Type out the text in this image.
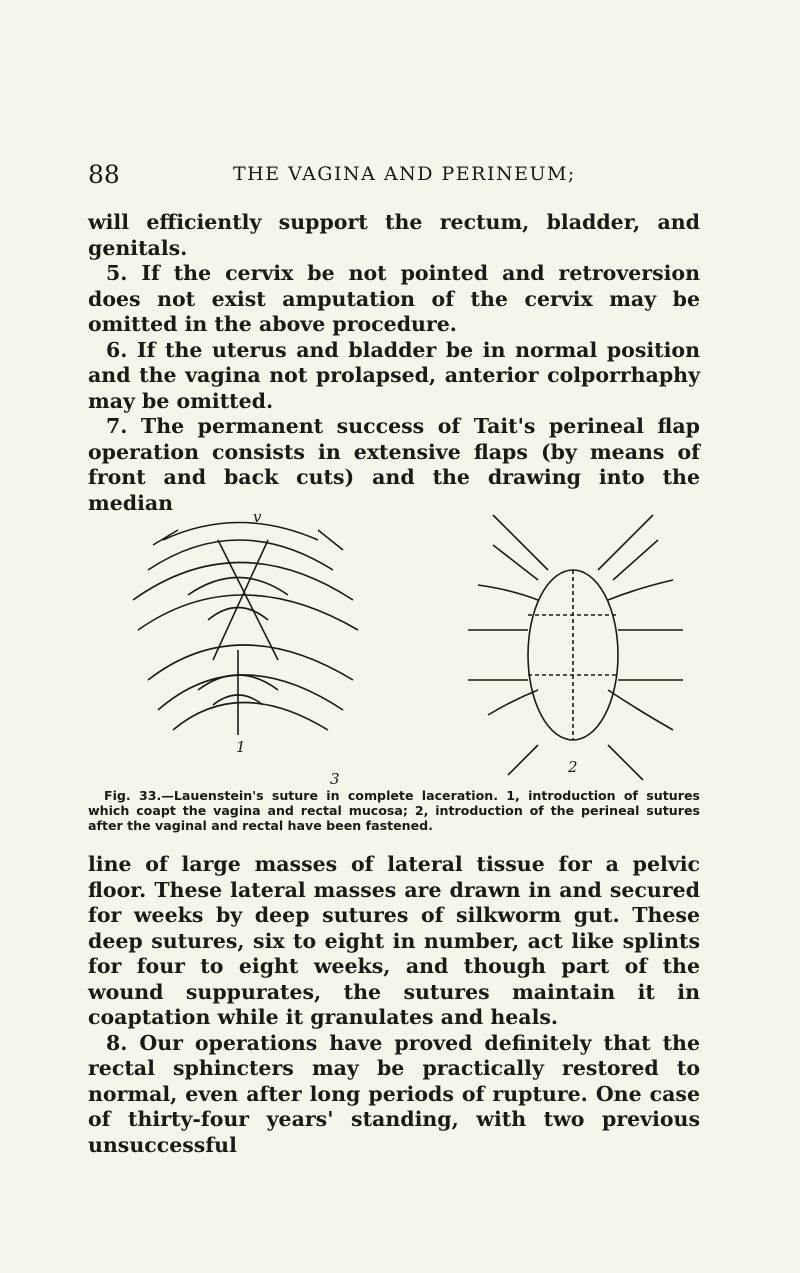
88	THE VAGINA AND PERINEUM;

will efficiently support the rectum, bladder, and genitals.

5. If the cervix be not pointed and retroversion does not exist amputation of the cervix may be omitted in the above procedure.

6. If the uterus and bladder be in normal position and the vagina not prolapsed, anterior colporrhaphy may be omitted.

7. The permanent success of Tait's perineal flap operation consists in extensive flaps (by means of front and back cuts) and the drawing into the median

v
1
3
2

Fig. 33.—Lauenstein's suture in complete laceration. 1, introduction of sutures which coapt the vagina and rectal mucosa; 2, introduction of the perineal sutures after the vaginal and rectal have been fastened.

line of large masses of lateral tissue for a pelvic floor. These lateral masses are drawn in and secured for weeks by deep sutures of silkworm gut. These deep sutures, six to eight in number, act like splints for four to eight weeks, and though part of the wound suppurates, the sutures maintain it in coaptation while it granulates and heals.

8. Our operations have proved definitely that the rectal sphincters may be practically restored to normal, even after long periods of rupture. One case of thirty-four years' standing, with two previous unsuccessful
